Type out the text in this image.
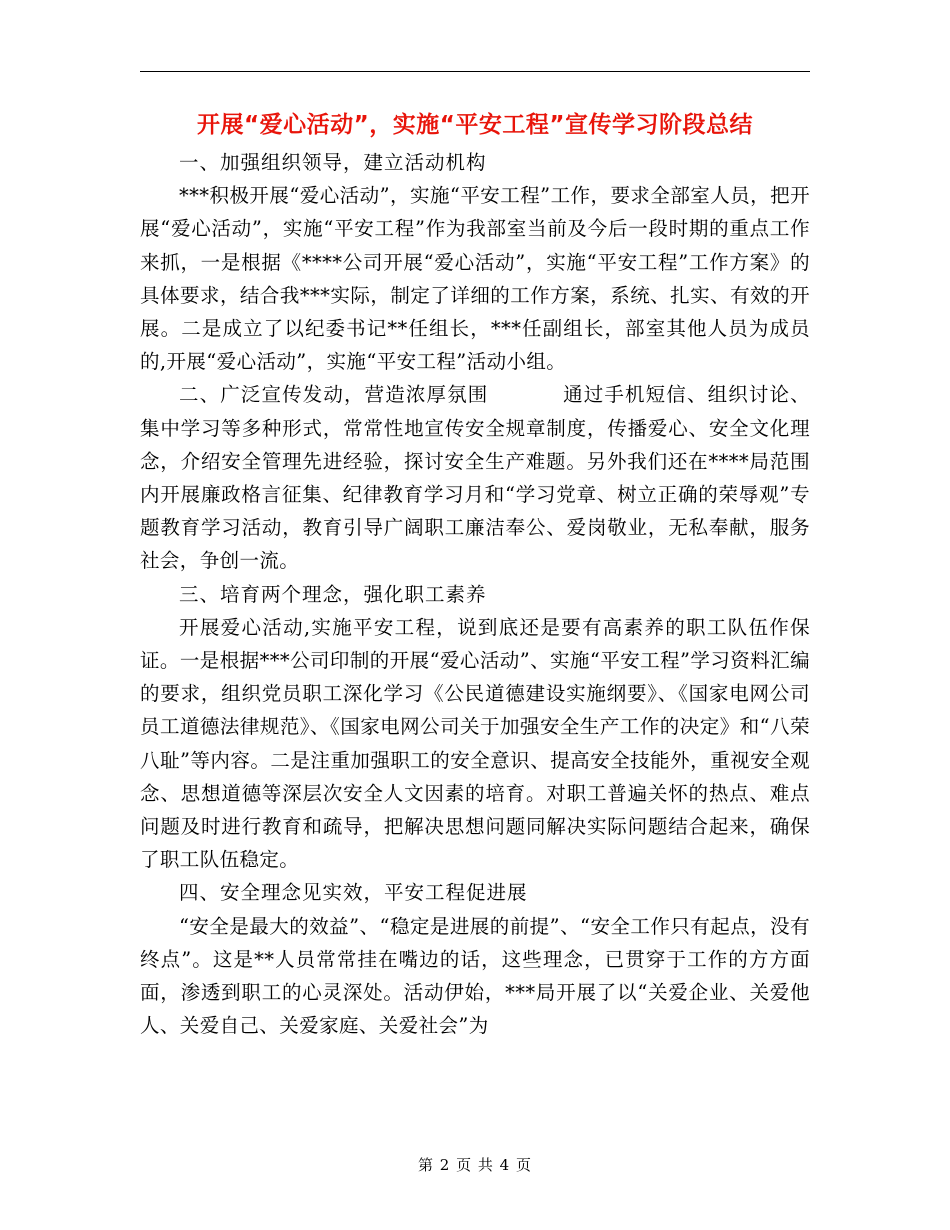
开展“爱心活动”，实施“平安工程”宣传学习阶段总结

一、加强组织领导，建立活动机构

***积极开展“爱心活动”，实施“平安工程”工作，要求全部室人员，把开展“爱心活动”，实施“平安工程”作为我部室当前及今后一段时期的重点工作来抓，一是根据《****公司开展“爱心活动”，实施“平安工程”工作方案》的具体要求，结合我***实际，制定了详细的工作方案，系统、扎实、有效的开展。二是成立了以纪委书记**任组长，***任副组长，部室其他人员为成员的,开展“爱心活动”，实施“平安工程”活动小组。

二、广泛宣传发动，营造浓厚氛围	通过手机短信、组织讨论、集中学习等多种形式，常常性地宣传安全规章制度，传播爱心、安全文化理念，介绍安全管理先进经验，探讨安全生产难题。另外我们还在****局范围内开展廉政格言征集、纪律教育学习月和“学习党章、树立正确的荣辱观”专题教育学习活动，教育引导广阔职工廉洁奉公、爱岗敬业，无私奉献，服务社会，争创一流。

三、培育两个理念，强化职工素养

开展爱心活动,实施平安工程，说到底还是要有高素养的职工队伍作保证。一是根据***公司印制的开展“爱心活动”、实施“平安工程”学习资料汇编的要求，组织党员职工深化学习《公民道德建设实施纲要》、《国家电网公司员工道德法律规范》、《国家电网公司关于加强安全生产工作的决定》和“八荣八耻”等内容。二是注重加强职工的安全意识、提高安全技能外，重视安全观念、思想道德等深层次安全人文因素的培育。对职工普遍关怀的热点、难点问题及时进行教育和疏导，把解决思想问题同解决实际问题结合起来，确保了职工队伍稳定。

四、安全理念见实效，平安工程促进展

“安全是最大的效益”、“稳定是进展的前提”、“安全工作只有起点，没有终点”。这是**人员常常挂在嘴边的话，这些理念，已贯穿于工作的方方面面，渗透到职工的心灵深处。活动伊始，***局开展了以“关爱企业、关爱他人、关爱自己、关爱家庭、关爱社会”为

第 2 页 共 4 页
